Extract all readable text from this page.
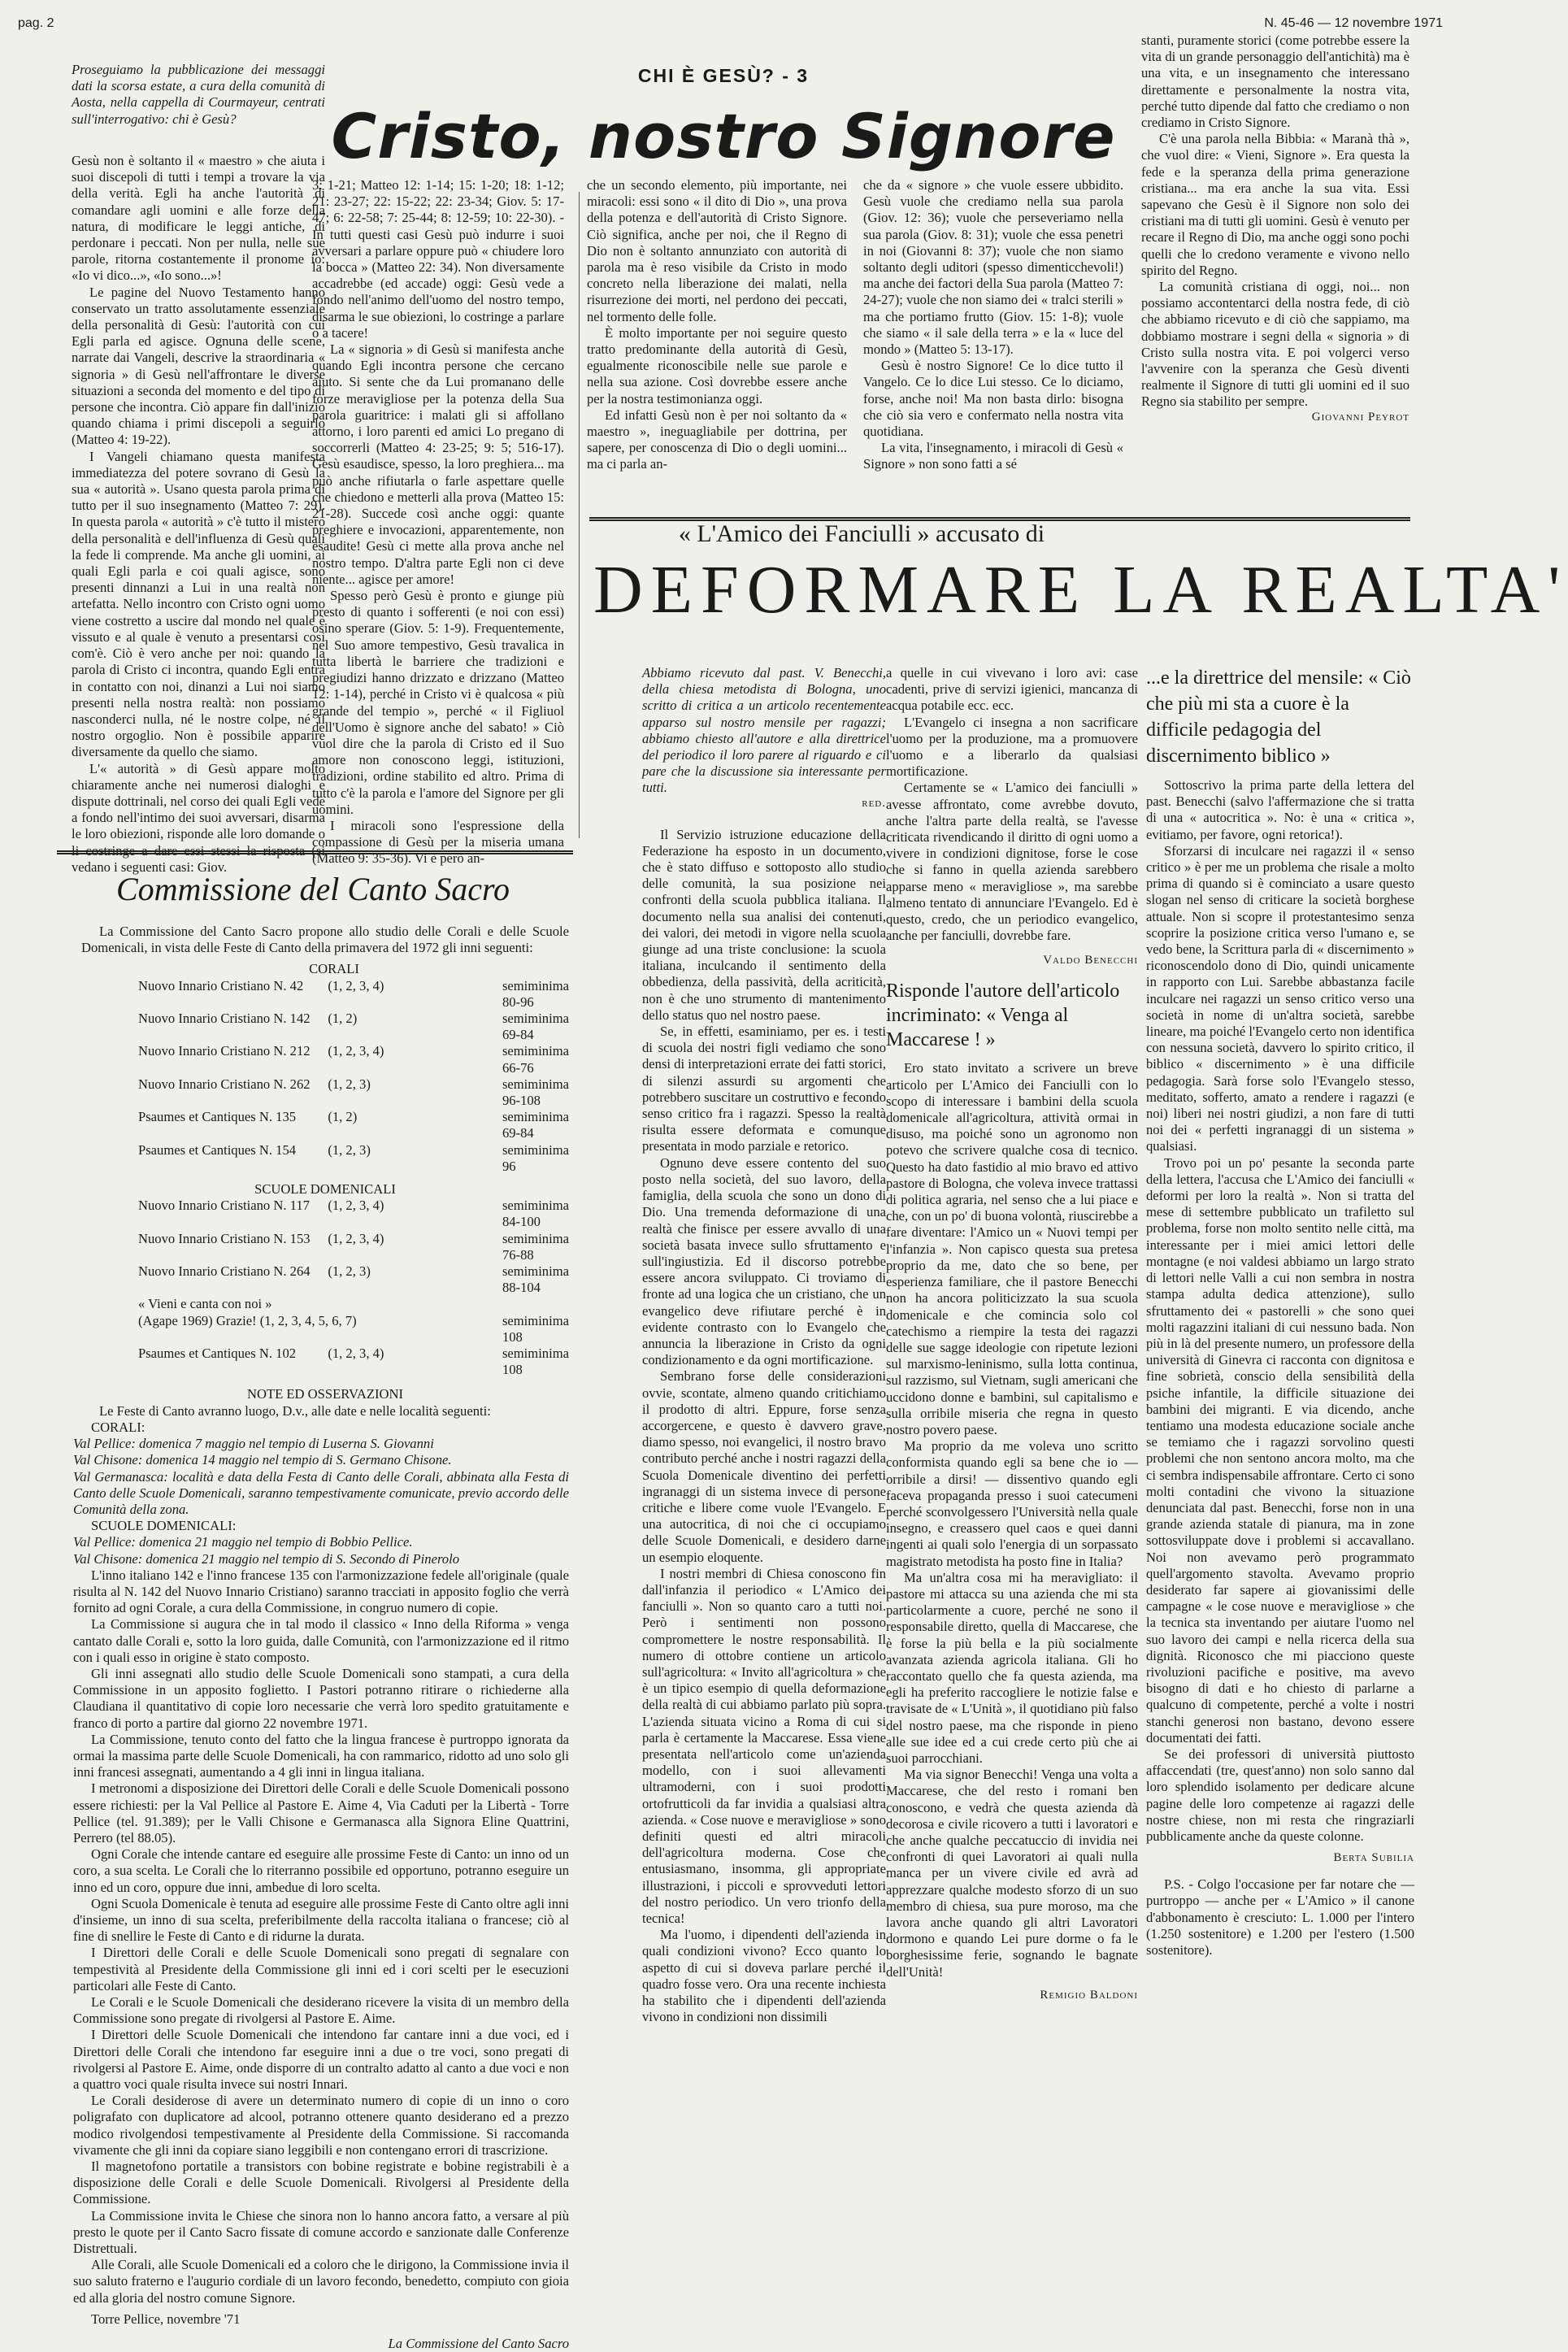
pag. 2	N. 45-46 — 12 novembre 1971
Proseguiamo la pubblicazione dei messaggi dati la scorsa estate, a cura della comunità di Aosta, nella cappella di Courmayeur, centrati sull'interrogativo: chi è Gesù?
CHI È GESÙ? - 3
Cristo, nostro Signore

Gesù non è soltanto il « maestro » che aiuta i suoi discepoli di tutti i tempi a trovare la via della verità. Egli ha anche l'autorità di comandare agli uomini e alle forze della natura, di modificare le leggi antiche, di perdonare i peccati. Non per nulla, nelle sue parole, ritorna costantemente il pronome io: «Io vi dico...», «Io sono...»!

Le pagine del Nuovo Testamento hanno conservato un tratto assolutamente essenziale della personalità di Gesù: l'autorità con cui Egli parla ed agisce. Ognuna delle scene, narrate dai Vangeli, descrive la straordinaria « signoria » di Gesù nell'affrontare le diverse situazioni a seconda del momento e del tipo di persone che incontra. Ciò appare fin dall'inizio quando chiama i primi discepoli a seguirlo (Matteo 4: 19-22).

I Vangeli chiamano questa manifesta immediatezza del potere sovrano di Gesù la sua « autorità ». Usano questa parola prima di tutto per il suo insegnamento (Matteo 7: 29). In questa parola « autorità » c'è tutto il mistero della personalità e dell'influenza di Gesù quali la fede li comprende. Ma anche gli uomini, ai quali Egli parla e coi quali agisce, sono presenti dinnanzi a Lui in una realtà non artefatta. Nello incontro con Cristo ogni uomo viene costretto a uscire dal mondo nel quale è vissuto e al quale è venuto a presentarsi così com'è. Ciò è vero anche per noi: quando la parola di Cristo ci incontra, quando Egli entra in contatto con noi, dinanzi a Lui noi siamo presenti nella nostra realtà: non possiamo nasconderci nulla, né le nostre colpe, né il nostro orgoglio. Non è possibile apparire diversamente da quello che siamo.

L'« autorità » di Gesù appare molto chiaramente anche nei numerosi dialoghi e dispute dottrinali, nel corso dei quali Egli vede a fondo nell'intimo dei suoi avversari, disarma le loro obiezioni, risponde alle loro domande o li costringe a dare essi stessi la risposta (si vedano i seguenti casi: Giov.

3: 1-21; Matteo 12: 1-14; 15: 1-20; 18: 1-12; 21: 23-27; 22: 15-22; 22: 23-34; Giov. 5: 17-47; 6: 22-58; 7: 25-44; 8: 12-59; 10: 22-30). - In tutti questi casi Gesù può indurre i suoi avversari a parlare oppure può « chiudere loro la bocca » (Matteo 22: 34). Non diversamente accadrebbe (ed accade) oggi: Gesù vede a fondo nell'animo dell'uomo del nostro tempo, disarma le sue obiezioni, lo costringe a parlare o a tacere!

La « signoria » di Gesù si manifesta anche quando Egli incontra persone che cercano aiuto. Si sente che da Lui promanano delle forze meravigliose per la potenza della Sua parola guaritrice: i malati gli si affollano attorno, i loro parenti ed amici Lo pregano di soccorrerli (Matteo 4: 23-25; 9: 5; 516-17). Gesù esaudisce, spesso, la loro preghiera... ma può anche rifiutarla o farle aspettare quelle che chiedono e metterli alla prova (Matteo 15: 21-28). Succede così anche oggi: quante preghiere e invocazioni, apparentemente, non esaudite! Gesù ci mette alla prova anche nel nostro tempo. D'altra parte Egli non ci deve niente... agisce per amore!

Spesso però Gesù è pronto e giunge più presto di quanto i sofferenti (e noi con essi) osino sperare (Giov. 5: 1-9). Frequentemente, nel Suo amore tempestivo, Gesù travalica in tutta libertà le barriere che tradizioni e pregiudizi hanno drizzato e drizzano (Matteo 12: 1-14), perché in Cristo vi è qualcosa « più grande del tempio », perché « il Figliuol dell'Uomo è signore anche del sabato! » Ciò vuol dire che la parola di Cristo ed il Suo amore non conoscono leggi, istituzioni, tradizioni, ordine stabilito ed altro. Prima di tutto c'è la parola e l'amore del Signore per gli uomini.

I miracoli sono l'espressione della compassione di Gesù per la miseria umana (Matteo 9: 35-36). Vi è però an-

che un secondo elemento, più importante, nei miracoli: essi sono « il dito di Dio », una prova della potenza e dell'autorità di Cristo Signore. Ciò significa, anche per noi, che il Regno di Dio non è soltanto annunziato con autorità di parola ma è reso visibile da Cristo in modo concreto nella liberazione dei malati, nella risurrezione dei morti, nel perdono dei peccati, nel tormento delle folle.

È molto importante per noi seguire questo tratto predominante della autorità di Gesù, egualmente riconoscibile nelle sue parole e nella sua azione. Così dovrebbe essere anche per la nostra testimonianza oggi.

Ed infatti Gesù non è per noi soltanto da « maestro », ineguagliabile per dottrina, per sapere, per conoscenza di Dio o degli uomini... ma ci parla an-

che da « signore » che vuole essere ubbidito. Gesù vuole che crediamo nella sua parola (Giov. 12: 36); vuole che perseveriamo nella sua parola (Giov. 8: 31); vuole che essa penetri in noi (Giovanni 8: 37); vuole che non siamo soltanto degli uditori (spesso dimenticchevoli!) ma anche dei factori della Sua parola (Matteo 7: 24-27); vuole che non siamo dei « tralci sterili » ma che portiamo frutto (Giov. 15: 1-8); vuole che siamo « il sale della terra » e la « luce del mondo » (Matteo 5: 13-17).

Gesù è nostro Signore! Ce lo dice tutto il Vangelo. Ce lo dice Lui stesso. Ce lo diciamo, forse, anche noi! Ma non basta dirlo: bisogna che ciò sia vero e confermato nella nostra vita quotidiana.

La vita, l'insegnamento, i miracoli di Gesù « Signore » non sono fatti a sé

stanti, puramente storici (come potrebbe essere la vita di un grande personaggio dell'antichità) ma è una vita, e un insegnamento che interessano direttamente e personalmente la nostra vita, perché tutto dipende dal fatto che crediamo o non crediamo in Cristo Signore.

C'è una parola nella Bibbia: « Maranà thà », che vuol dire: « Vieni, Signore ». Era questa la fede e la speranza della prima generazione cristiana... ma era anche la sua vita. Essi sapevano che Gesù è il Signore non solo dei cristiani ma di tutti gli uomini. Gesù è venuto per recare il Regno di Dio, ma anche oggi sono pochi quelli che lo credono veramente e vivono nello spirito del Regno.

La comunità cristiana di oggi, noi... non possiamo accontentarci della nostra fede, di ciò che abbiamo ricevuto e di ciò che sappiamo, ma dobbiamo mostrare i segni della « signoria » di Cristo sulla nostra vita. E poi volgerci verso l'avvenire con la speranza che Gesù diventi realmente il Signore di tutti gli uomini ed il suo Regno sia stabilito per sempre.

Giovanni Peyrot
« L'Amico dei Fanciulli » accusato di
DEFORMARE LA REALTA'

Abbiamo ricevuto dal past. V. Benecchi, della chiesa metodista di Bologna, uno scritto di critica a un articolo recentemente apparso sul nostro mensile per ragazzi; abbiamo chiesto all'autore e alla direttrice del periodico il loro parere al riguardo e ci pare che la discussione sia interessante per tutti.

red.

Il Servizio istruzione educazione della Federazione ha esposto in un documento, che è stato diffuso e sottoposto allo studio delle comunità, la sua posizione nei confronti della scuola pubblica italiana. Il documento nella sua analisi dei contenuti, dei valori, dei metodi in vigore nella scuola giunge ad una triste conclusione: la scuola italiana, inculcando il sentimento della obbedienza, della passività, della acriticità, non è che uno strumento di mantenimento dello status quo nel nostro paese.

Se, in effetti, esaminiamo, per es. i testi di scuola dei nostri figli vediamo che sono densi di interpretazioni errate dei fatti storici, di silenzi assurdi su argomenti che potrebbero suscitare un costruttivo e fecondo senso critico fra i ragazzi. Spesso la realtà risulta essere deformata e comunque presentata in modo parziale e retorico.

Ognuno deve essere contento del suo posto nella società, del suo lavoro, della famiglia, della scuola che sono un dono di Dio. Una tremenda deformazione di una realtà che finisce per essere avvallo di una società basata invece sullo sfruttamento e sull'ingiustizia. Ed il discorso potrebbe essere ancora sviluppato. Ci troviamo di fronte ad una logica che un cristiano, che un evangelico deve rifiutare perché è in evidente contrasto con lo Evangelo che annuncia la liberazione in Cristo da ogni condizionamento e da ogni mortificazione.

Sembrano forse delle considerazioni ovvie, scontate, almeno quando critichiamo il prodotto di altri. Eppure, forse senza accorgercene, e questo è davvero grave, diamo spesso, noi evangelici, il nostro bravo contributo perché anche i nostri ragazzi della Scuola Domenicale diventino dei perfetti ingranaggi di un sistema invece di persone critiche e libere come vuole l'Evangelo. E una autocritica, di noi che ci occupiamo delle Scuole Domenicali, e desidero darne un esempio eloquente.

I nostri membri di Chiesa conoscono fin dall'infanzia il periodico « L'Amico dei fanciulli ». Non so quanto caro a tutti noi. Però i sentimenti non possono compromettere le nostre responsabilità. Il numero di ottobre contiene un articolo sull'agricoltura: « Invito all'agricoltura » che è un tipico esempio di quella deformazione della realtà di cui abbiamo parlato più sopra. L'azienda situata vicino a Roma di cui si parla è certamente la Maccarese. Essa viene presentata nell'articolo come un'azienda modello, con i suoi allevamenti ultramoderni, con i suoi prodotti ortofrutticoli da far invidia a qualsiasi altra azienda. « Cose nuove e meravigliose » sono definiti questi ed altri miracoli dell'agricoltura moderna. Cose che entusiasmano, insomma, gli appropriate illustrazioni, i piccoli e sprovveduti lettori del nostro periodico. Un vero trionfo della tecnica!

Ma l'uomo, i dipendenti dell'azienda in quali condizioni vivono? Ecco quanto lo aspetto di cui si doveva parlare perché il quadro fosse vero. Ora una recente inchiesta ha stabilito che i dipendenti dell'azienda vivono in condizioni non dissimili

a quelle in cui vivevano i loro avi: case cadenti, prive di servizi igienici, mancanza di acqua potabile ecc. ecc.

L'Evangelo ci insegna a non sacrificare l'uomo per la produzione, ma a promuovere l'uomo e a liberarlo da qualsiasi mortificazione.

Certamente se « L'amico dei fanciulli » avesse affrontato, come avrebbe dovuto, anche l'altra parte della realtà, se l'avesse criticata rivendicando il diritto di ogni uomo a vivere in condizioni dignitose, forse le cose che si fanno in quella azienda sarebbero apparse meno « meravigliose », ma sarebbe almeno tentato di annunciare l'Evangelo. Ed è questo, credo, che un periodico evangelico, anche per fanciulli, dovrebbe fare.

Valdo Benecchi
Risponde l'autore dell'articolo incriminato: « Venga al Maccarese ! »

Ero stato invitato a scrivere un breve articolo per L'Amico dei Fanciulli con lo scopo di interessare i bambini della scuola domenicale all'agricoltura, attività ormai in disuso, ma poiché sono un agronomo non potevo che scrivere qualche cosa di tecnico. Questo ha dato fastidio al mio bravo ed attivo pastore di Bologna, che voleva invece trattassi di politica agraria, nel senso che a lui piace e che, con un po' di buona volontà, riuscirebbe a fare diventare: l'Amico un « Nuovi tempi per l'infanzia ». Non capisco questa sua pretesa proprio da me, dato che so bene, per esperienza familiare, che il pastore Benecchi non ha ancora politicizzato la sua scuola domenicale e che comincia solo col catechismo a riempire la testa dei ragazzi delle sue sagge ideologie con ripetute lezioni sul marxismo-leninismo, sulla lotta continua, sul razzismo, sul Vietnam, sugli americani che uccidono donne e bambini, sul capitalismo e sulla orribile miseria che regna in questo nostro povero paese.

Ma proprio da me voleva uno scritto conformista quando egli sa bene che io — orribile a dirsi! — dissentivo quando egli faceva propaganda presso i suoi catecumeni perché sconvolgessero l'Università nella quale insegno, e creassero quel caos e quei danni ingenti ai quali solo l'energia di un sorpassato magistrato metodista ha posto fine in Italia?

Ma un'altra cosa mi ha meravigliato: il pastore mi attacca su una azienda che mi sta particolarmente a cuore, perché ne sono il responsabile diretto, quella di Maccarese, che è forse la più bella e la più socialmente avanzata azienda agricola italiana. Gli ho raccontato quello che fa questa azienda, ma egli ha preferito raccogliere le notizie false e travisate de « L'Unità », il quotidiano più falso del nostro paese, ma che risponde in pieno alle sue idee ed a cui crede certo più che ai suoi parrocchiani.

Ma via signor Benecchi! Venga una volta a Maccarese, che del resto i romani ben conoscono, e vedrà che questa azienda dà decorosa e civile ricovero a tutti i lavoratori e che anche qualche peccatuccio di invidia nei confronti di quei Lavoratori ai quali nulla manca per un vivere civile ed avrà ad apprezzare qualche modesto sforzo di un suo membro di chiesa, sua pure moroso, ma che lavora anche quando gli altri Lavoratori dormono e quando Lei pure dorme o fa le borghesissime ferie, sognando le bagnate dell'Unità!

Remigio Baldoni
...e la direttrice del mensile: « Ciò che più mi sta a cuore è la difficile pedagogia del discernimento biblico »

Sottoscrivo la prima parte della lettera del past. Benecchi (salvo l'affermazione che si tratta di una « autocritica ». No: è una « critica », evitiamo, per favore, ogni retorica!).

Sforzarsi di inculcare nei ragazzi il « senso critico » è per me un problema che risale a molto prima di quando si è cominciato a usare questo slogan nel senso di criticare la società borghese attuale. Non si scopre il protestantesimo senza scoprire la posizione critica verso l'umano e, se vedo bene, la Scrittura parla di « discernimento » riconoscendolo dono di Dio, quindi unicamente in rapporto con Lui. Sarebbe abbastanza facile inculcare nei ragazzi un senso critico verso una società in nome di un'altra società, sarebbe lineare, ma poiché l'Evangelo certo non identifica con nessuna società, davvero lo spirito critico, il biblico « discernimento » è una difficile pedagogia. Sarà forse solo l'Evangelo stesso, meditato, sofferto, amato a rendere i ragazzi (e noi) liberi nei nostri giudizi, a non fare di tutti noi dei « perfetti ingranaggi di un sistema » qualsiasi.

Trovo poi un po' pesante la seconda parte della lettera, l'accusa che L'Amico dei fanciulli « deformi per loro la realtà ». Non si tratta del mese di settembre pubblicato un trafiletto sul problema, forse non molto sentito nelle città, ma interessante per i miei amici lettori delle montagne (e noi valdesi abbiamo un largo strato di lettori nelle Valli a cui non sembra in nostra stampa adulta dedica attenzione), sullo sfruttamento dei « pastorelli » che sono quei molti ragazzini italiani di cui nessuno bada. Non più in là del presente numero, un professore della università di Ginevra ci racconta con dignitosa e fine sobrietà, conscio della sensibilità della psiche infantile, la difficile situazione dei bambini dei migranti. E via dicendo, anche tentiamo una modesta educazione sociale anche se temiamo che i ragazzi sorvolino questi problemi che non sentono ancora molto, ma che ci sembra indispensabile affrontare. Certo ci sono molti contadini che vivono la situazione denunciata dal past. Benecchi, forse non in una grande azienda statale di pianura, ma in zone sottosviluppate dove i problemi si accavallano. Noi non avevamo però programmato quell'argomento stavolta. Avevamo proprio desiderato far sapere ai giovanissimi delle campagne « le cose nuove e meravigliose » che la tecnica sta inventando per aiutare l'uomo nel suo lavoro dei campi e nella ricerca della sua dignità. Riconosco che mi piacciono queste rivoluzioni pacifiche e positive, ma avevo bisogno di dati e ho chiesto di parlarne a qualcuno di competente, perché a volte i nostri stanchi generosi non bastano, devono essere documentati dei fatti.

Se dei professori di università piuttosto affaccendati (tre, quest'anno) non solo sanno dal loro splendido isolamento per dedicare alcune pagine delle loro competenze ai ragazzi delle nostre chiese, non mi resta che ringraziarli pubblicamente anche da queste colonne.

Berta Subilia

P.S. - Colgo l'occasione per far notare che — purtroppo — anche per « L'Amico » il canone d'abbonamento è cresciuto: L. 1.000 per l'intero (1.250 sostenitore) e 1.200 per l'estero (1.500 sostenitore).

Commissione del Canto Sacro

La Commissione del Canto Sacro propone allo studio delle Corali e delle Scuole Domenicali, in vista delle Feste di Canto della primavera del 1972 gli inni seguenti:

CORALI
Nuovo Innario Cristiano N. 42	(1, 2, 3, 4)	semiminima 80-96
Nuovo Innario Cristiano N. 142	(1, 2)	semiminima 69-84
Nuovo Innario Cristiano N. 212	(1, 2, 3, 4)	semiminima 66-76
Nuovo Innario Cristiano N. 262	(1, 2, 3)	semiminima 96-108
Psaumes et Cantiques N. 135	(1, 2)	semiminima 69-84
Psaumes et Cantiques N. 154	(1, 2, 3)	semiminima 96
SCUOLE DOMENICALI
Nuovo Innario Cristiano N. 117	(1, 2, 3, 4)	semiminima 84-100
Nuovo Innario Cristiano N. 153	(1, 2, 3, 4)	semiminima 76-88
Nuovo Innario Cristiano N. 264	(1, 2, 3)	semiminima 88-104
« Vieni e canta con noi »
(Agape 1969) Grazie! (1, 2, 3, 4, 5, 6, 7)	semiminima 108
Psaumes et Cantiques N. 102	(1, 2, 3, 4)	semiminima 108
NOTE ED OSSERVAZIONI

Le Feste di Canto avranno luogo, D.v., alle date e nelle località seguenti:

CORALI:

Val Pellice: domenica 7 maggio nel tempio di Luserna S. Giovanni

Val Chisone: domenica 14 maggio nel tempio di S. Germano Chisone.

Val Germanasca: località e data della Festa di Canto delle Corali, abbinata alla Festa di Canto delle Scuole Domenicali, saranno tempestivamente comunicate, previo accordo delle Comunità della zona.

SCUOLE DOMENICALI:

Val Pellice: domenica 21 maggio nel tempio di Bobbio Pellice.

Val Chisone: domenica 21 maggio nel tempio di S. Secondo di Pinerolo

L'inno italiano 142 e l'inno francese 135 con l'armonizzazione fedele all'originale (quale risulta al N. 142 del Nuovo Innario Cristiano) saranno tracciati in apposito foglio che verrà fornito ad ogni Corale, a cura della Commissione, in congruo numero di copie.

La Commissione si augura che in tal modo il classico « Inno della Riforma » venga cantato dalle Corali e, sotto la loro guida, dalle Comunità, con l'armonizzazione ed il ritmo con i quali esso in origine è stato composto.

Gli inni assegnati allo studio delle Scuole Domenicali sono stampati, a cura della Commissione in un apposito foglietto. I Pastori potranno ritirare o richiederne alla Claudiana il quantitativo di copie loro necessarie che verrà loro spedito gratuitamente e franco di porto a partire dal giorno 22 novembre 1971.

La Commissione, tenuto conto del fatto che la lingua francese è purtroppo ignorata da ormai la massima parte delle Scuole Domenicali, ha con rammarico, ridotto ad uno solo gli inni francesi assegnati, aumentando a 4 gli inni in lingua italiana.

I metronomi a disposizione dei Direttori delle Corali e delle Scuole Domenicali possono essere richiesti: per la Val Pellice al Pastore E. Aime 4, Via Caduti per la Libertà - Torre Pellice (tel. 91.389); per le Valli Chisone e Germanasca alla Signora Eline Quattrini, Perrero (tel 88.05).

Ogni Corale che intende cantare ed eseguire alle prossime Feste di Canto: un inno od un coro, a sua scelta. Le Corali che lo riterranno possibile ed opportuno, potranno eseguire un inno ed un coro, oppure due inni, ambedue di loro scelta.

Ogni Scuola Domenicale è tenuta ad eseguire alle prossime Feste di Canto oltre agli inni d'insieme, un inno di sua scelta, preferibilmente della raccolta italiana o francese; ciò al fine di snellire le Feste di Canto e di ridurne la durata.

I Direttori delle Corali e delle Scuole Domenicali sono pregati di segnalare con tempestività al Presidente della Commissione gli inni ed i cori scelti per le esecuzioni particolari alle Feste di Canto.

Le Corali e le Scuole Domenicali che desiderano ricevere la visita di un membro della Commissione sono pregate di rivolgersi al Pastore E. Aime.

I Direttori delle Scuole Domenicali che intendono far cantare inni a due voci, ed i Direttori delle Corali che intendono far eseguire inni a due o tre voci, sono pregati di rivolgersi al Pastore E. Aime, onde disporre di un contralto adatto al canto a due voci e non a quattro voci quale risulta invece sui nostri Innari.

Le Corali desiderose di avere un determinato numero di copie di un inno o coro poligrafato con duplicatore ad alcool, potranno ottenere quanto desiderano ed a prezzo modico rivolgendosi tempestivamente al Presidente della Commissione. Si raccomanda vivamente che gli inni da copiare siano leggibili e non contengano errori di trascrizione.

Il magnetofono portatile a transistors con bobine registrate e bobine registrabili è a disposizione delle Corali e delle Scuole Domenicali. Rivolgersi al Presidente della Commissione.

La Commissione invita le Chiese che sinora non lo hanno ancora fatto, a versare al più presto le quote per il Canto Sacro fissate di comune accordo e sanzionate dalle Conferenze Distrettuali.

Alle Corali, alle Scuole Domenicali ed a coloro che le dirigono, la Commissione invia il suo saluto fraterno e l'augurio cordiale di un lavoro fecondo, benedetto, compiuto con gioia ed alla gloria del nostro comune Signore.

Torre Pellice, novembre '71

La Commissione del Canto Sacro
